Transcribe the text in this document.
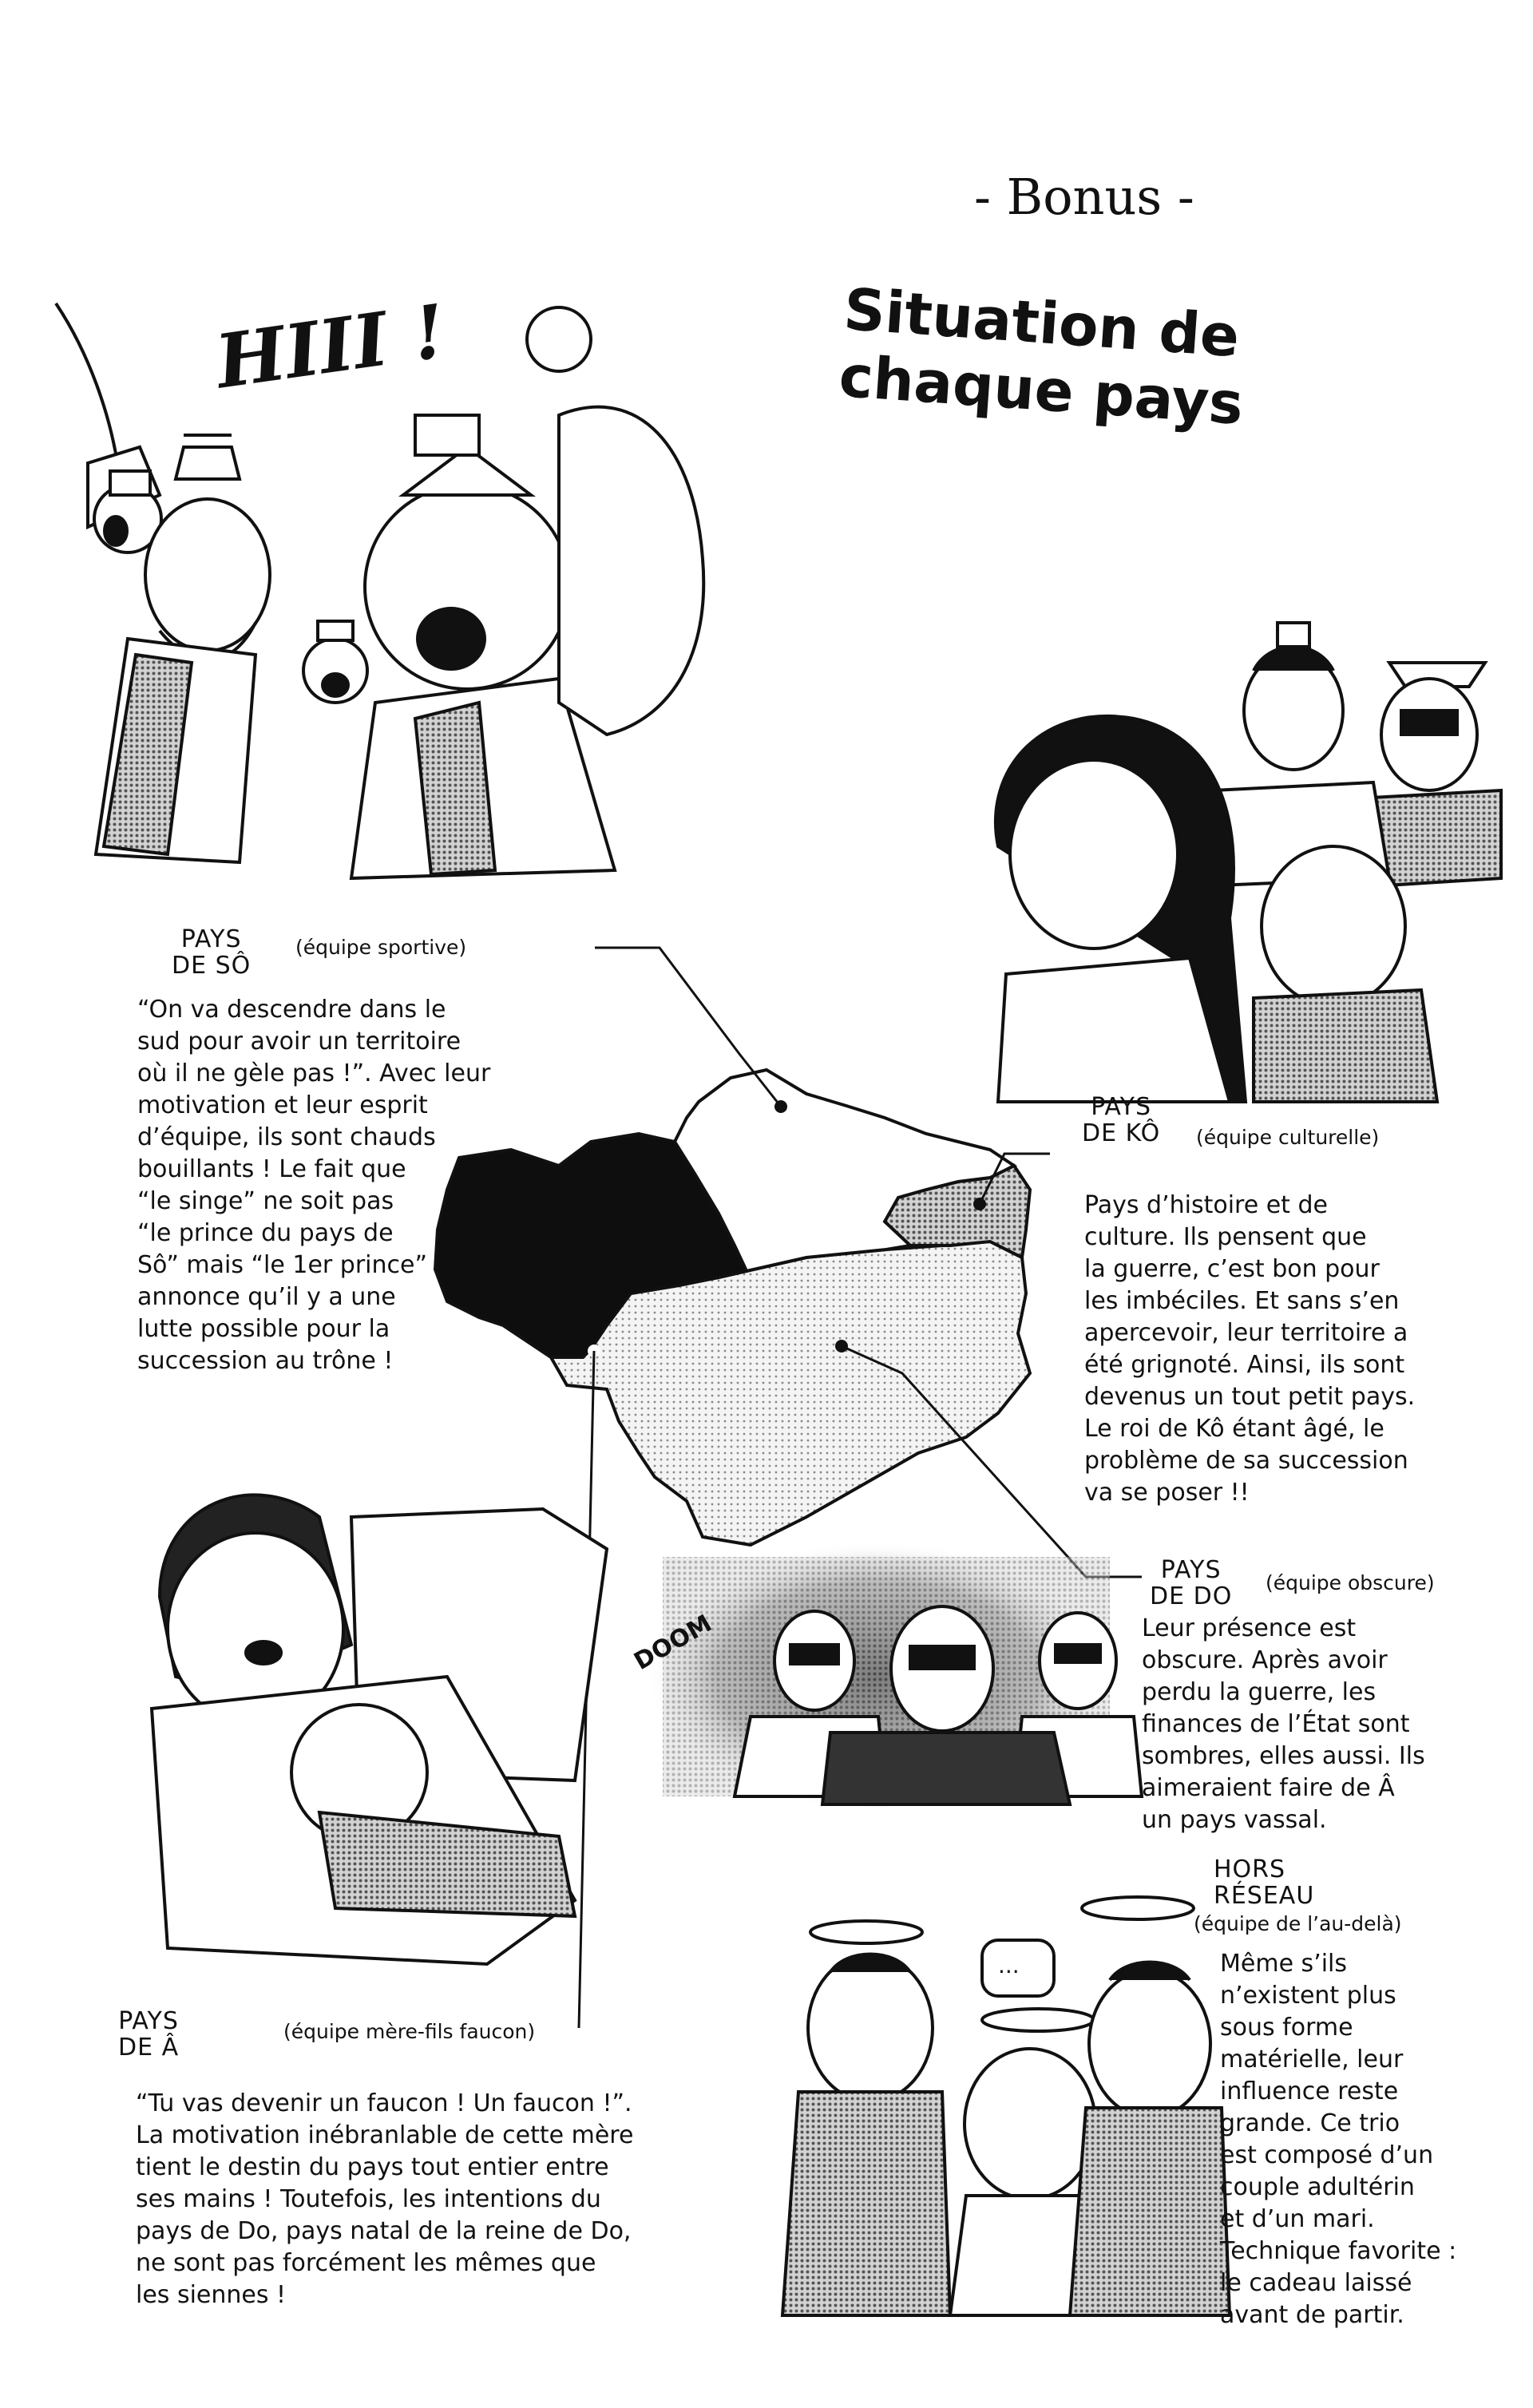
- Bonus -
Situation de
chaque pays
HIII !
DOOM
...
PAYS
DE SÔ
(équipe sportive)
“On va descendre dans le
sud pour avoir un territoire
où il ne gèle pas !”. Avec leur
motivation et leur esprit
d’équipe, ils sont chauds
bouillants ! Le fait que
“le singe” ne soit pas
“le prince du pays de
Sô” mais “le 1er prince”
annonce qu’il y a une
lutte possible pour la
succession au trône !
PAYS
DE KÔ (équipe culturelle)
Pays d’histoire et de
culture. Ils pensent que
la guerre, c’est bon pour
les imbéciles. Et sans s’en
apercevoir, leur territoire a
été grignoté. Ainsi, ils sont
devenus un tout petit pays.
Le roi de Kô étant âgé, le
problème de sa succession
va se poser !!
PAYS
DE DO (équipe obscure)
Leur présence est
obscure. Après avoir
perdu la guerre, les
finances de l’État sont
sombres, elles aussi. Ils
aimeraient faire de Â
un pays vassal.
PAYS
DE Â
(équipe mère-fils faucon)
“Tu vas devenir un faucon ! Un faucon !”.
La motivation inébranlable de cette mère
tient le destin du pays tout entier entre
ses mains ! Toutefois, les intentions du
pays de Do, pays natal de la reine de Do,
ne sont pas forcément les mêmes que
les siennes !
HORS
RÉSEAU
(équipe de l’au-delà)
Même s’ils
n’existent plus
sous forme
matérielle, leur
influence reste
grande. Ce trio
est composé d’un
couple adultérin
et d’un mari.
Technique favorite :
le cadeau laissé
avant de partir.
